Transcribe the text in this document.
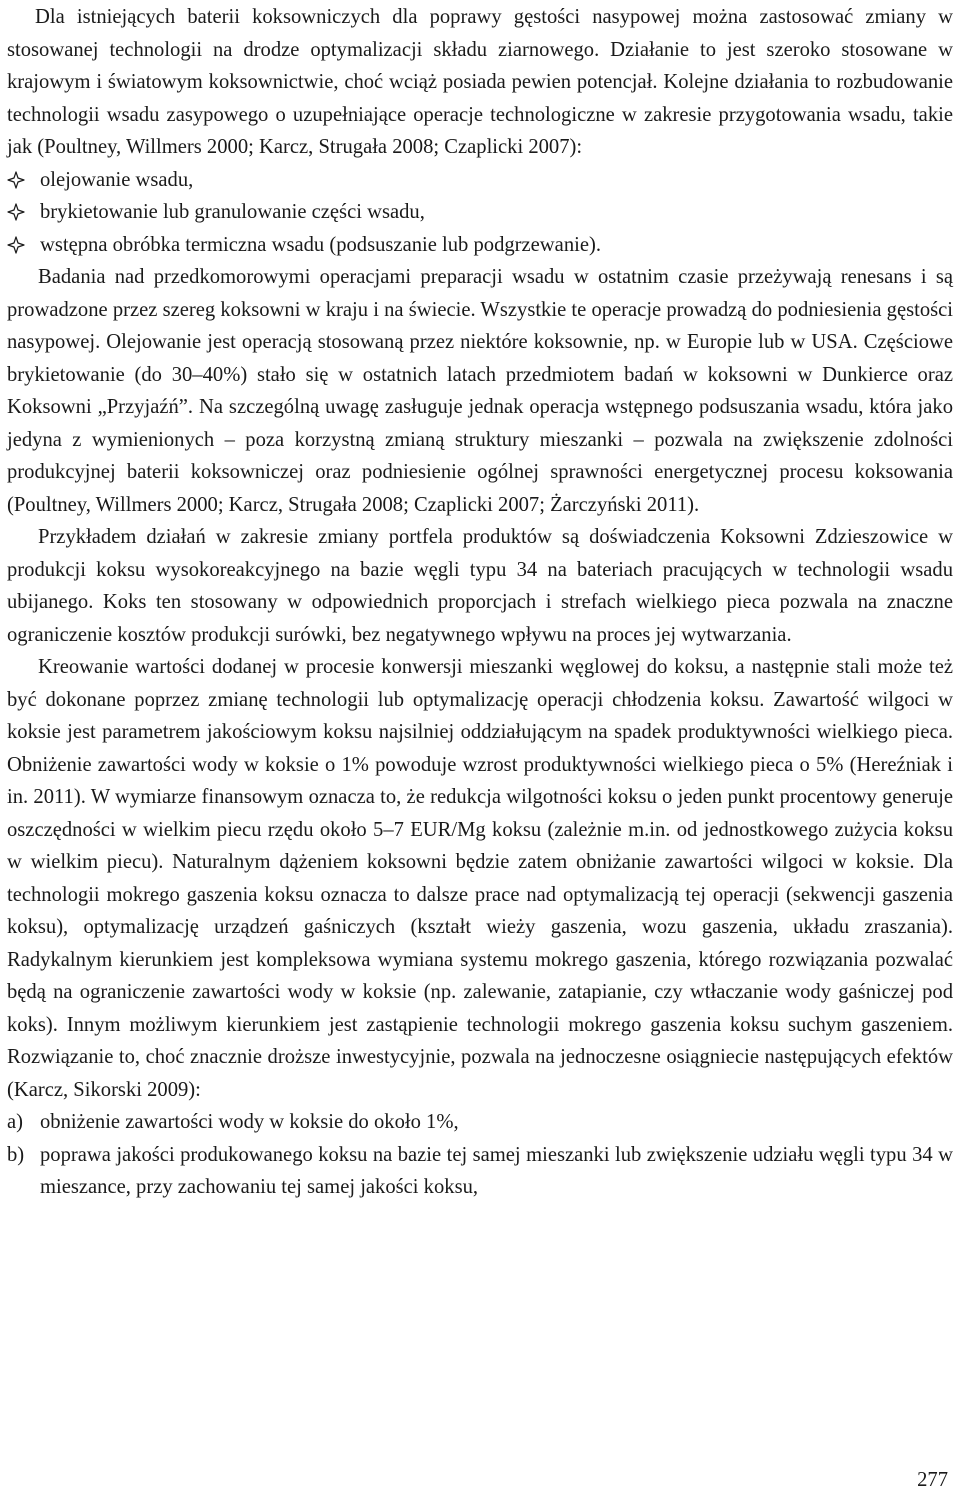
Dla istniejących baterii koksowniczych dla poprawy gęstości nasypowej można zastosować zmiany w stosowanej technologii na drodze optymalizacji składu ziarnowego. Działanie to jest szeroko stosowane w krajowym i światowym koksownictwie, choć wciąż posiada pewien potencjał. Kolejne działania to rozbudowanie technologii wsadu zasypowego o uzupełniające operacje technologiczne w zakresie przygotowania wsadu, takie jak (Poultney, Willmers 2000; Karcz, Strugała 2008; Czaplicki 2007):

olejowanie wsadu,
brykietowanie lub granulowanie części wsadu,
wstępna obróbka termiczna wsadu (podsuszanie lub podgrzewanie).

Badania nad przedkomorowymi operacjami preparacji wsadu w ostatnim czasie przeżywają renesans i są prowadzone przez szereg koksowni w kraju i na świecie. Wszystkie te operacje prowadzą do podniesienia gęstości nasypowej. Olejowanie jest operacją stosowaną przez niektóre koksownie, np. w Europie lub w USA. Częściowe brykietowanie (do 30–40%) stało się w ostatnich latach przedmiotem badań w koksowni w Dunkierce oraz Koksowni „Przyjaźń”. Na szczególną uwagę zasługuje jednak operacja wstępnego podsuszania wsadu, która jako jedyna z wymienionych – poza korzystną zmianą struktury mieszanki – pozwala na zwiększenie zdolności produkcyjnej baterii koksowniczej oraz podniesienie ogólnej sprawności energetycznej procesu koksowania (Poultney, Willmers 2000; Karcz, Strugała 2008; Czaplicki 2007; Żarczyński 2011).

Przykładem działań w zakresie zmiany portfela produktów są doświadczenia Koksowni Zdzieszowice w produkcji koksu wysokoreakcyjnego na bazie węgli typu 34 na bateriach pracujących w technologii wsadu ubijanego. Koks ten stosowany w odpowiednich proporcjach i strefach wielkiego pieca pozwala na znaczne ograniczenie kosztów produkcji surówki, bez negatywnego wpływu na proces jej wytwarzania.

Kreowanie wartości dodanej w procesie konwersji mieszanki węglowej do koksu, a następnie stali może też być dokonane poprzez zmianę technologii lub optymalizację operacji chłodzenia koksu. Zawartość wilgoci w koksie jest parametrem jakościowym koksu najsilniej oddziałującym na spadek produktywności wielkiego pieca. Obniżenie zawartości wody w koksie o 1% powoduje wzrost produktywności wielkiego pieca o 5% (Hereźniak i in. 2011). W wymiarze finansowym oznacza to, że redukcja wilgotności koksu o jeden punkt procentowy generuje oszczędności w wielkim piecu rzędu około 5–7 EUR/Mg koksu (zależnie m.in. od jednostkowego zużycia koksu w wielkim piecu). Naturalnym dążeniem koksowni będzie zatem obniżanie zawartości wilgoci w koksie. Dla technologii mokrego gaszenia koksu oznacza to dalsze prace nad optymalizacją tej operacji (sekwencji gaszenia koksu), optymalizację urządzeń gaśniczych (kształt wieży gaszenia, wozu gaszenia, układu zraszania). Radykalnym kierunkiem jest kompleksowa wymiana systemu mokrego gaszenia, którego rozwiązania pozwalać będą na ograniczenie zawartości wody w koksie (np. zalewanie, zatapianie, czy wtłaczanie wody gaśniczej pod koks). Innym możliwym kierunkiem jest zastąpienie technologii mokrego gaszenia koksu suchym gaszeniem. Rozwiązanie to, choć znacznie droższe inwestycyjnie, pozwala na jednoczesne osiągniecie następujących efektów (Karcz, Sikorski 2009):

a) obniżenie zawartości wody w koksie do około 1%,
b) poprawa jakości produkowanego koksu na bazie tej samej mieszanki lub zwiększenie udziału węgli typu 34 w mieszance, przy zachowaniu tej samej jakości koksu,

277
